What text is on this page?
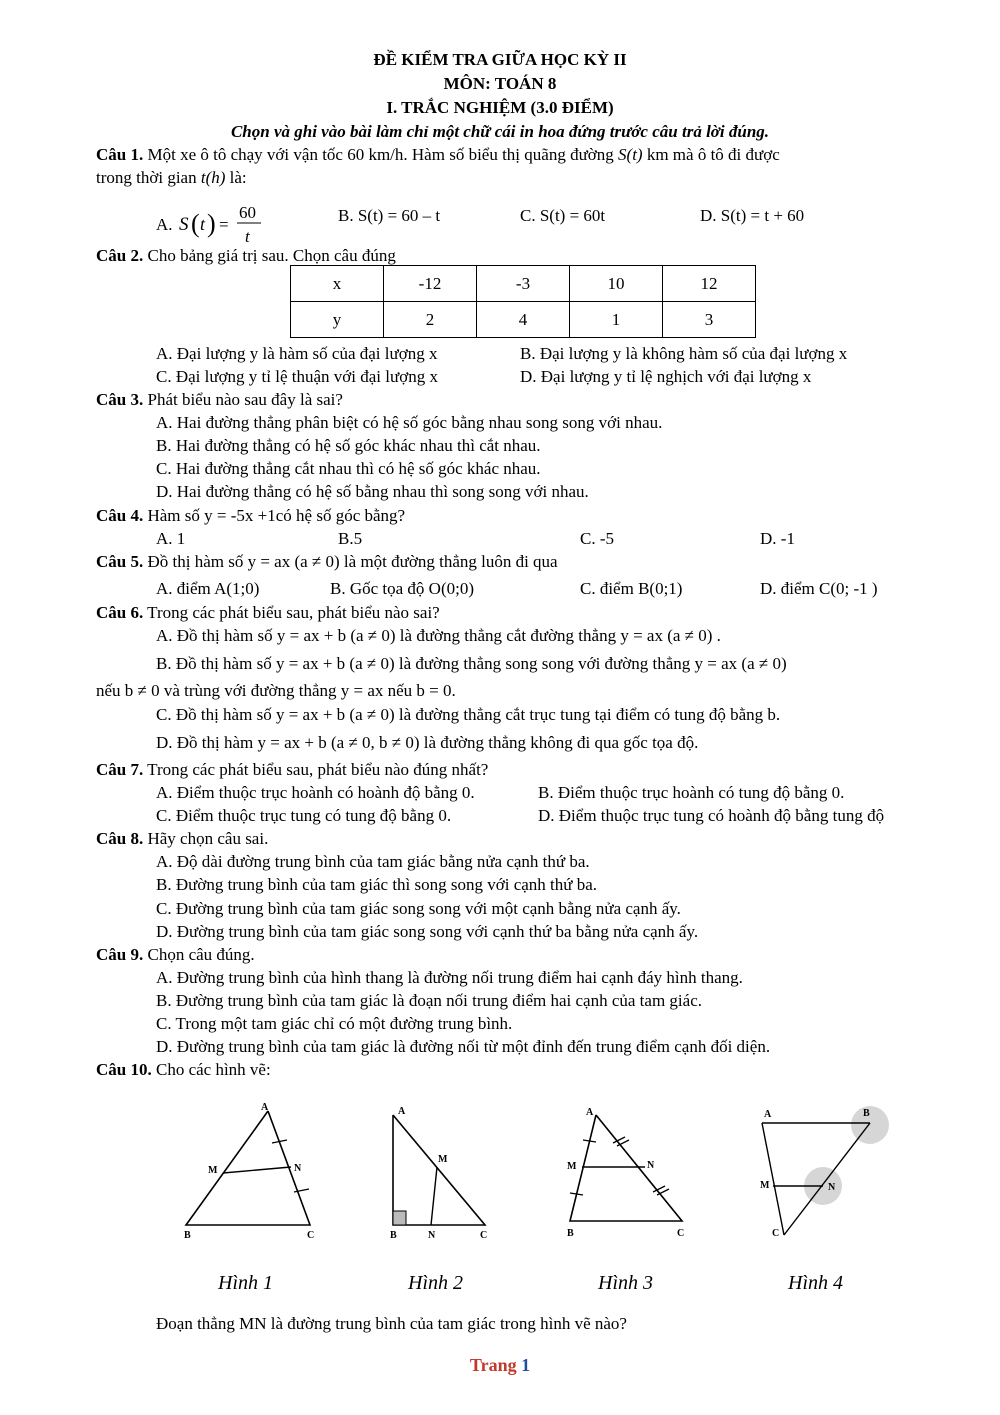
ĐỀ KIỂM TRA GIỮA HỌC KỲ II
MÔN: TOÁN 8
I. TRẮC NGHIỆM (3.0 ĐIỂM)
Chọn và ghi vào bài làm chỉ một chữ cái in hoa đứng trước câu trả lời đúng.
Câu 1. Một xe ô tô chạy với vận tốc 60 km/h. Hàm số biểu thị quãng đường S(t) km mà ô tô đi được
trong thời gian t(h) là:
A. S ( t ) =
60
t
B. S(t) = 60 – t	C. S(t) = 60t	D. S(t) = t + 60
Câu 2. Cho bảng giá trị sau. Chọn câu đúng
x	-12	-3	10	12
y	2	4	1	3
A. Đại lượng y là hàm số của đại lượng x	B. Đại lượng y là không hàm số của đại lượng x
C. Đại lượng y tỉ lệ thuận với đại lượng x	D. Đại lượng y tỉ lệ nghịch với đại lượng x
Câu 3. Phát biểu nào sau đây là sai?
A. Hai đường thẳng phân biệt có hệ số góc bằng nhau song song với nhau.
B. Hai đường thẳng có hệ số góc khác nhau thì cắt nhau.
C. Hai đường thẳng cắt nhau thì có hệ số góc khác nhau.
D. Hai đường thẳng có hệ số bằng nhau thì song song với nhau.
Câu 4. Hàm số y = -5x +1có hệ số góc bằng?
A. 1	B.5	C. -5	D. -1
Câu 5. Đồ thị hàm số y = ax (a ≠ 0) là một đường thẳng luôn đi qua
A. điểm A(1;0)	B. Gốc tọa độ O(0;0)	C. điểm B(0;1)	D. điểm C(0; -1 )
Câu 6. Trong các phát biểu sau, phát biểu nào sai?
A. Đồ thị hàm số y = ax + b (a ≠ 0) là đường thẳng cắt đường thẳng y = ax (a ≠ 0) .
B. Đồ thị hàm số y = ax + b (a ≠ 0) là đường thẳng song song với đường thẳng y = ax (a ≠ 0)
nếu b ≠ 0 và trùng với đường thẳng y = ax nếu b = 0.
C. Đồ thị hàm số y = ax + b (a ≠ 0) là đường thẳng cắt trục tung tại điểm có tung độ bằng b.
D. Đồ thị hàm y = ax + b (a ≠ 0, b ≠ 0) là đường thẳng không đi qua gốc tọa độ.
Câu 7. Trong các phát biểu sau, phát biểu nào đúng nhất?
A. Điểm thuộc trục hoành có hoành độ bằng 0.	B. Điểm thuộc trục hoành có tung độ bằng 0.
C. Điểm thuộc trục tung có tung độ bằng 0.	D. Điểm thuộc trục tung có hoành độ bằng tung độ
Câu 8. Hãy chọn câu sai.
A. Độ dài đường trung bình của tam giác bằng nửa cạnh thứ ba.
B. Đường trung bình của tam giác thì song song với cạnh thứ ba.
C. Đường trung bình của tam giác song song với một cạnh bằng nửa cạnh ấy.
D. Đường trung bình của tam giác song song với cạnh thứ ba bằng nửa cạnh ấy.
Câu 9. Chọn câu đúng.
A. Đường trung bình của hình thang là đường nối trung điểm hai cạnh đáy hình thang.
B. Đường trung bình của tam giác là đoạn nối trung điểm hai cạnh của tam giác.
C. Trong một tam giác chỉ có một đường trung bình.
D. Đường trung bình của tam giác là đường nối từ một đỉnh đến trung điểm cạnh đối diện.
Câu 10. Cho các hình vẽ:
A
M	N
B	C
A
M
B	N	C
A
M	N
B	C
A	B
M	N
C
Hình 1	Hình 2	Hình 3	Hình 4
Đoạn thẳng MN là đường trung bình của tam giác trong hình vẽ nào?
Trang 1
